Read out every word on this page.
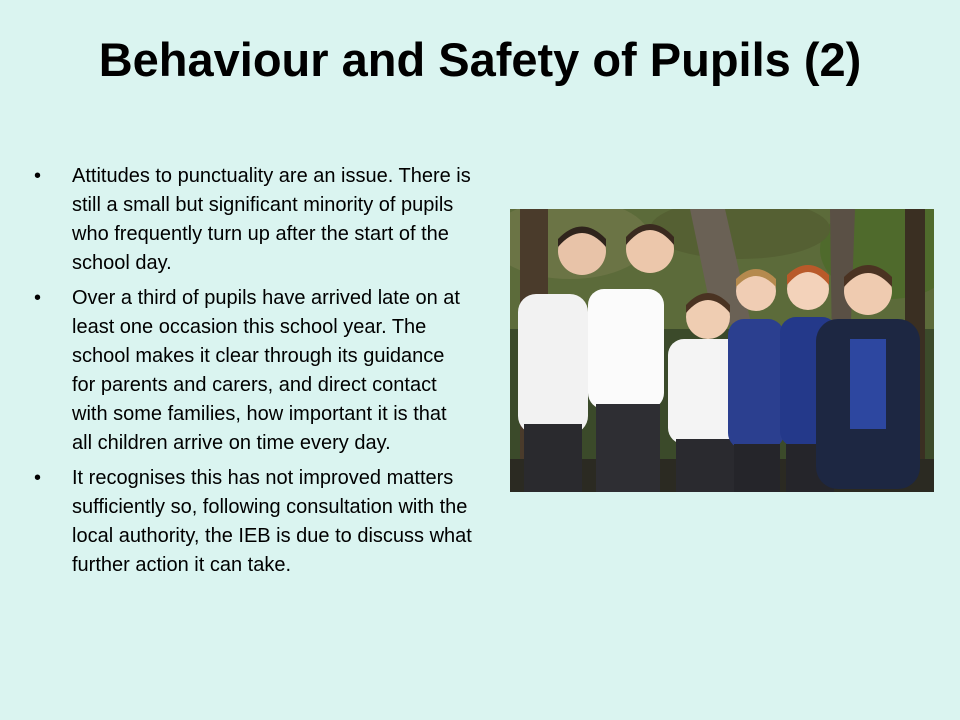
Behaviour and Safety of Pupils (2)
•	Attitudes to punctuality are an issue. There is still a small but significant minority of pupils who frequently turn up after the start of the school day.
•	Over a third of pupils have arrived late on at least one occasion this school year. The school makes it clear through its guidance for parents and carers, and direct contact with some families, how important it is that all children arrive on time every day.
•	It recognises this has not improved matters sufficiently so, following consultation with the local authority, the IEB is due to discuss what further action it can take.
